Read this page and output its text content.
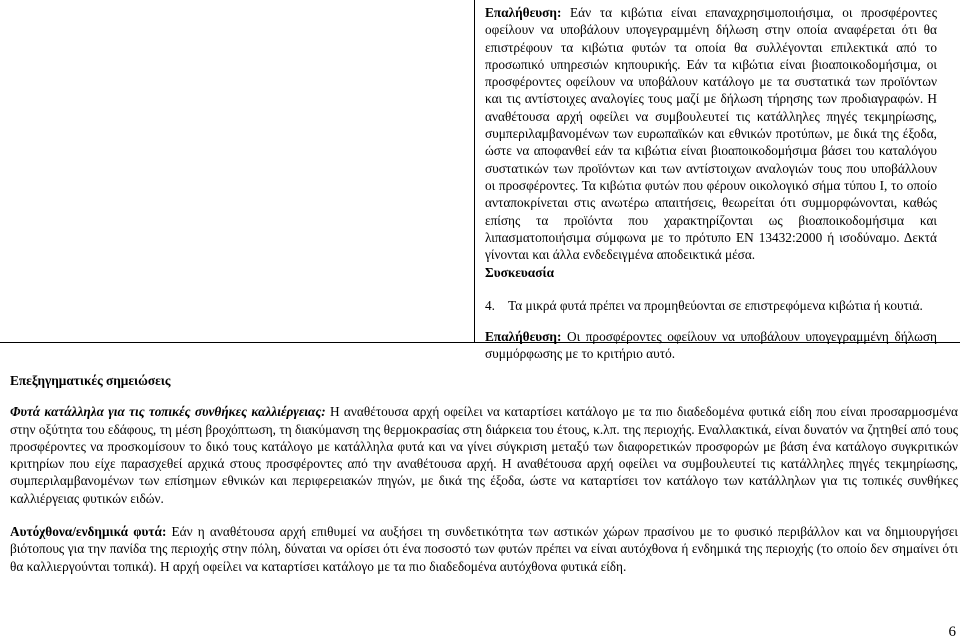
Επαλήθευση: Εάν τα κιβώτια είναι επαναχρησιμοποιήσιμα, οι προσφέροντες οφείλουν να υποβάλουν υπογεγραμμένη δήλωση στην οποία αναφέρεται ότι θα επιστρέφουν τα κιβώτια φυτών τα οποία θα συλλέγονται επιλεκτικά από το προσωπικό υπηρεσιών κηπουρικής. Εάν τα κιβώτια είναι βιοαποικοδομήσιμα, οι προσφέροντες οφείλουν να υποβάλουν κατάλογο με τα συστατικά των προϊόντων και τις αντίστοιχες αναλογίες τους μαζί με δήλωση τήρησης των προδιαγραφών. Η αναθέτουσα αρχή οφείλει να συμβουλευτεί τις κατάλληλες πηγές τεκμηρίωσης, συμπεριλαμβανομένων των ευρωπαϊκών και εθνικών προτύπων, με δικά της έξοδα, ώστε να αποφανθεί εάν τα κιβώτια είναι βιοαποικοδομήσιμα βάσει του καταλόγου συστατικών των προϊόντων και των αντίστοιχων αναλογιών τους που υποβάλλουν οι προσφέροντες. Τα κιβώτια φυτών που φέρουν οικολογικό σήμα τύπου I, το οποίο ανταποκρίνεται στις ανωτέρω απαιτήσεις, θεωρείται ότι συμμορφώνονται, καθώς επίσης τα προϊόντα που χαρακτηρίζονται ως βιοαποικοδομήσιμα και λιπασματοποιήσιμα σύμφωνα με το πρότυπο EN 13432:2000 ή ισοδύναμο. Δεκτά γίνονται και άλλα ενδεδειγμένα αποδεικτικά μέσα.

Συσκευασία

4. Τα μικρά φυτά πρέπει να προμηθεύονται σε επιστρεφόμενα κιβώτια ή κουτιά.

Επαλήθευση: Οι προσφέροντες οφείλουν να υποβάλουν υπογεγραμμένη δήλωση συμμόρφωσης με το κριτήριο αυτό.

Επεξηγηματικές σημειώσεις

Φυτά κατάλληλα για τις τοπικές συνθήκες καλλιέργειας: Η αναθέτουσα αρχή οφείλει να καταρτίσει κατάλογο με τα πιο διαδεδομένα φυτικά είδη που είναι προσαρμοσμένα στην οξύτητα του εδάφους, τη μέση βροχόπτωση, τη διακύμανση της θερμοκρασίας στη διάρκεια του έτους, κ.λπ. της περιοχής. Εναλλακτικά, είναι δυνατόν να ζητηθεί από τους προσφέροντες να προσκομίσουν το δικό τους κατάλογο με κατάλληλα φυτά και να γίνει σύγκριση μεταξύ των διαφορετικών προσφορών με βάση ένα κατάλογο συγκριτικών κριτηρίων που είχε παρασχεθεί αρχικά στους προσφέροντες από την αναθέτουσα αρχή. Η αναθέτουσα αρχή οφείλει να συμβουλευτεί τις κατάλληλες πηγές τεκμηρίωσης, συμπεριλαμβανομένων των επίσημων εθνικών και περιφερειακών πηγών, με δικά της έξοδα, ώστε να καταρτίσει τον κατάλογο των κατάλληλων για τις τοπικές συνθήκες καλλιέργειας φυτικών ειδών.

Αυτόχθονα/ενδημικά φυτά: Εάν η αναθέτουσα αρχή επιθυμεί να αυξήσει τη συνδετικότητα των αστικών χώρων πρασίνου με το φυσικό περιβάλλον και να δημιουργήσει βιότοπους για την πανίδα της περιοχής στην πόλη, δύναται να ορίσει ότι ένα ποσοστό των φυτών πρέπει να είναι αυτόχθονα ή ενδημικά της περιοχής (το οποίο δεν σημαίνει ότι θα καλλιεργούνται τοπικά). Η αρχή οφείλει να καταρτίσει κατάλογο με τα πιο διαδεδομένα αυτόχθονα φυτικά είδη.

6
